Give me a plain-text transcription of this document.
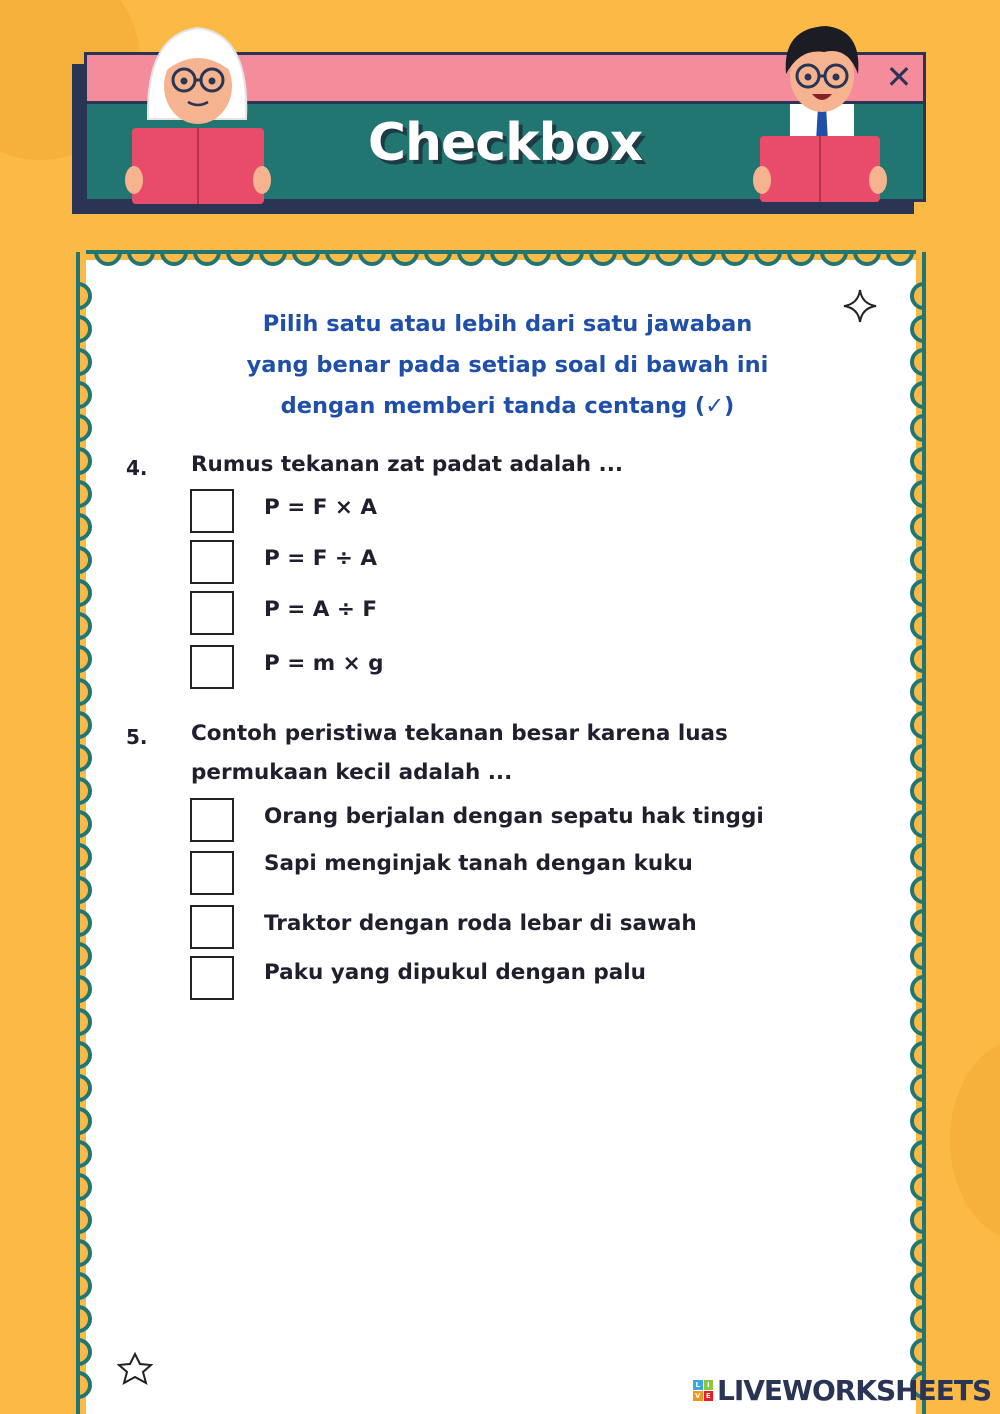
Checkbox
✕
Pilih satu atau lebih dari satu jawaban
yang benar pada setiap soal di bawah ini
dengan memberi tanda centang (✓)
4. Rumus tekanan zat padat adalah ...
P = F × A
P = F ÷ A
P = A ÷ F
P = m × g
5. Contoh peristiwa tekanan besar karena luas
permukaan kecil adalah ...
Orang berjalan dengan sepatu hak tinggi
Sapi menginjak tanah dengan kuku
Traktor dengan roda lebar di sawah
Paku yang dipukul dengan palu
L I
V E LIVEWORKSHEETS
